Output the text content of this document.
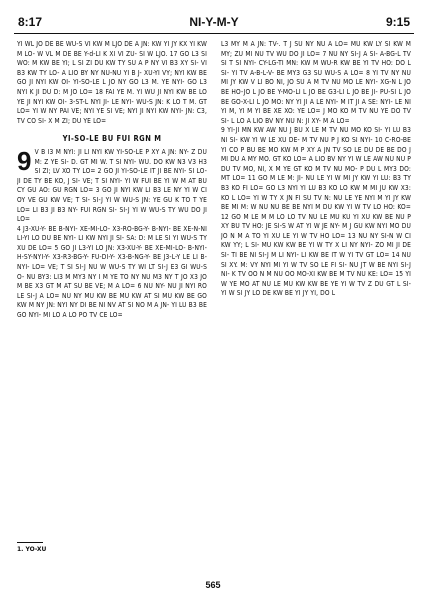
8:17	NI-Y-M-Y	9:15

YI WL JO DE BE WU-S VI KW M LJO DE A JN: KW YI JY KX YI KW M LO- W VL M DE BE Y-d-LI K XI VI ZU- SI W LJO. 17 GO L3 SI WO: M KW BE YI; L SI ZI DU KW TY SU A P NY VI B3 XY SI- VI B3 KW TY LO- A LIO BY NY NU-NU YI B J- XU-YI VY; NYI KW BE GO JI NYI KW OI- YI-SO-LE L JO NY GO L3 M. YE NYI- GO L3 NYI K JI DU D: M JO LO= 18 FAI YE M. YI WU JI NYI KW BE LO YE JI NYI KW OI- 3-ST-L NYI JI- LE NYI- WU-S JN: K LO T M. GT LO= YI W NY PAI VE; NYI YE SI VE; NYI JI NYI KW NYI- JN: C3, TV CO SI- X M ZI; DU YE LO=

YI-SO-LE BU FUI RGN M

9 V B I3 M NYI: JI LI NYI KW YI-SO-LE P XY A JN: NY- Z DU M: Z YE SI- D. GT MI W. T SI NYI- WU. DO KW N3 V3 H3 SI ZI; LV XO TY LO= 2 GO JI YI-SO-LE IT JI BE NYI- SI LO- JI DE TY BE KO, J SI- VE; T SI NYI- YI W FUI BE YI W M AT BU CY GU AO: GU RGN LO= 3 GO JI NYI KW LI B3 LE NY YI W CI OY VE GU KW VE; T SI- SI-J YI W WU-S JN: YE GU K TO T YE LO= LI B3 JI B3 NY- FUI RGN SI- SI-J YI W WU-S TY WU DO JI LO=

4 J3-XU-Y- BE B-NYI- XE-MI-LO- X3-RO-BG-Y- B-NYI- BE XE-N-NI LI-YI LO DU BE NYI- LI KW NYI JI SI- SA: D: M LE SI YI WU-S TY XU DE LO= 5 GO JI L3-YI LO JN: X3-XU-Y- BE XE-MI-LO- B-NYI- H-SY-NYI-Y- X3-R3-BG-Y- FU-DI-Y- X3-B-NG-Y- BE J3-L-Y LE LI B-NYI- LO= VE; T SI SI-J NU W WU-S TY WI LT SI-J E3 GI WU-S O- NU BY3: LI3 M MY3 NY I M YE TO NY NU M3 NY T JO X3 JO M BE X3 GT M AT SU BE VE; M A LO= 6 NU NY- NU JI NYI RO LE SI-J A LO= NU NY MU KW BE MU KW AT SI MU KW BE GO KW M NY JN: NYI NY DI BE NI NV AT SI NO M A JN- YI LU B3 BE GO NYI- MI LO A LO PO TV CE LO=

L3 MY M A JN: TV-. T J SU NY NU A LO= MU KW LY SI KW M MY; ZU MI NU TV WU DO JI LO= 7 NU NY SI-J A SI- A-BG-L TV SI T SI NYI- CY-LG-TI MN: KW M WU-R KW BE YI TV HO: DO L SI- YI TV A-B-L-V- BE MY3 G3 SU WU-S A LO= 8 YI TV NY NU MI JY KW V LI BO NI, JO SU A M TV NU MO LE NYI- XG-N L JO BE HO-JO L JO BE Y-MO-LI L JO BE G3-LI L JO BE JI- PU-SI L JO BE GO-X-LI L JO MO: NY YI JI A LE NYI- M IT JI A SE: NYI- LE NI YI M, YI M YI BE XE XO: YE LO= J MO KO M TV NU YE DO TV SI- L LO A LIO BV NY NU N: JI XY- M A LO=

9 YI-JI MN KW AW NU J BU X LE M TV NU MO KO SI- YI LU B3 NI SI- KW YI W LE XU DE- M TV NU P J KO SI NYI- 10 C-RO-BE YI CO P BU BE MO KW M P XY A JN TV SO LE DU DE BE DO J MI DU A MY MO. GT KO LO= A LIO BV NY YI W LE AW NU NU P DU TV MO, NI, X M YE GT KO M TV NU MO- P DU L MY3 DO: MT LO= 11 GO M LE M: JI- NU LE YI W MI JY KW YI LU: B3 TY B3 KO FI LO= GO L3 NYI YI LU B3 KO LO KW M MI JU KW X3: KO L LO= YI W TY X JN FI SU TV N: NU LE YE NYI M YI JY KW BE MI M: W NU NU BE BE NYI M DU KW YI W TV LO HO: KO= 12 GO M LE M M LO LO TV NU LE MU KU YI XU KW BE NU P XY BU TV HO: JE SI-S W AT YI W JE NY- M J GU KW NYI MO DU JO N M A TO YI XU LE YI W TV HO LO= 13 NU NY SI-N W CI KW YY; L SI- MU KW KW BE YI W TY X LI NY NYI- ZO MI JI DE SI- TI BE NI SI-J M LI NYI- LI KW BE IT W YI TV GT LO= 14 NU SI XY. M: VY NYI MI YI W TV SO LE FI SI- NU JT W BE NYI SI-J NI- K TV OO N M NU OO MO-XI KW BE M TV NU KE: LO= 15 YI W YE MO AT NU LE MU KW KW BE YE YI W TV Z DU GT L SI- YI W SI JY LO DE KW BE YI JY YI, DO L

1. YO-XU
565
